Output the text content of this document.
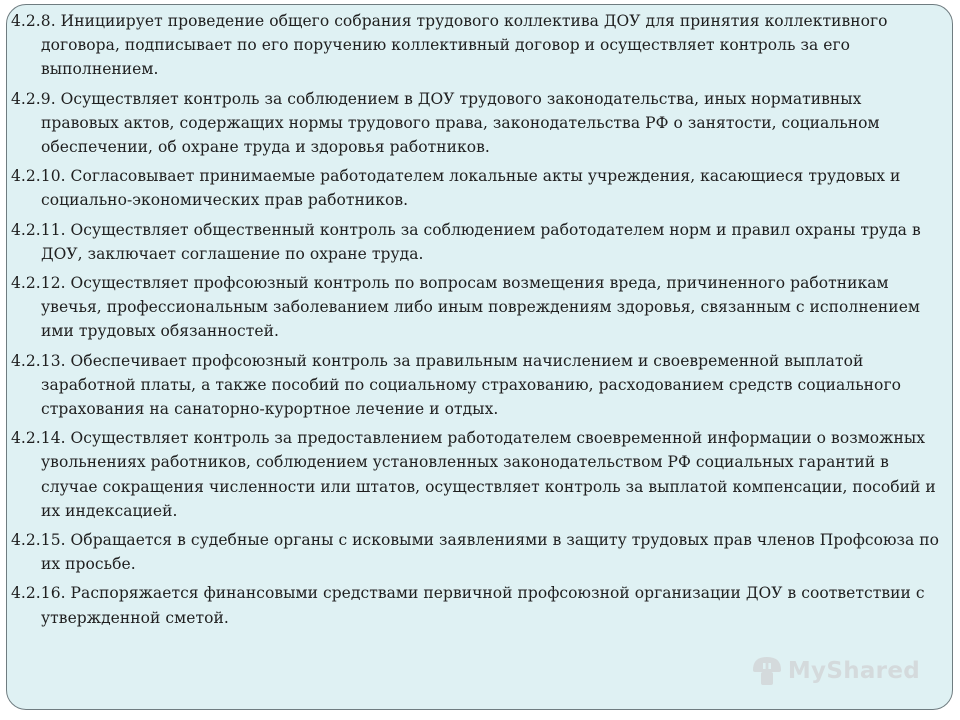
4.2.8. Инициирует проведение общего собрания трудового коллектива ДОУ для принятия коллективного договора, подписывает по его поручению коллективный договор и осуществляет контроль за его выполнением.

4.2.9. Осуществляет контроль за соблюдением в ДОУ трудового законодательства, иных нормативных правовых актов, содержащих нормы трудового права, законодательства РФ о занятости, социальном обеспечении, об охране труда и здоровья работников.

4.2.10. Согласовывает принимаемые работодателем локальные акты учреждения, касающиеся трудовых и социально-экономических прав работников.

4.2.11. Осуществляет общественный контроль за соблюдением работодателем норм и правил охраны труда в ДОУ, заключает соглашение по охране труда.

4.2.12. Осуществляет профсоюзный контроль по вопросам возмещения вреда, причиненного работникам увечья, профессиональным заболеванием либо иным повреждениям здоровья, связанным с исполнением ими трудовых обязанностей.

4.2.13. Обеспечивает профсоюзный контроль за правильным начислением и своевременной выплатой заработной платы, а также пособий по социальному страхованию, расходованием средств социального страхования на санаторно-курортное лечение и отдых.

4.2.14. Осуществляет контроль за предоставлением работодателем своевременной информации о возможных увольнениях работников, соблюдением установленных законодательством РФ социальных гарантий в случае сокращения численности или штатов, осуществляет контроль за выплатой компенсации, пособий и их индексацией.

4.2.15. Обращается в судебные органы с исковыми заявлениями в защиту трудовых прав членов Профсоюза по их просьбе.

4.2.16. Распоряжается финансовыми средствами первичной профсоюзной организации ДОУ в соответствии с утвержденной сметой.

MyShared
